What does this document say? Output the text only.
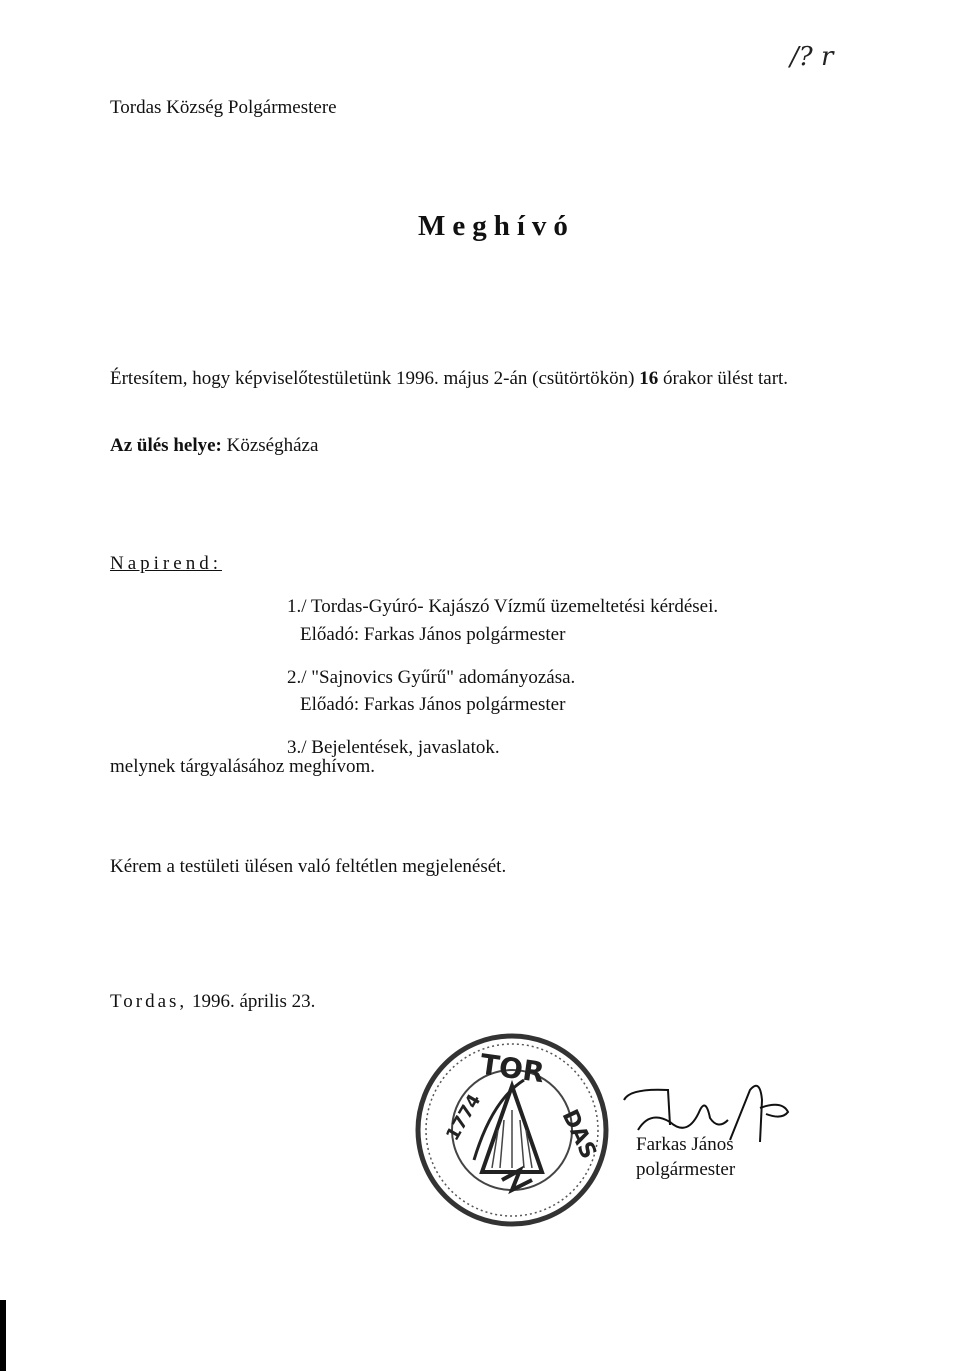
/? r
Tordas Község Polgármestere
Meghívó
Értesítem, hogy képviselőtestületünk 1996. május 2-án (csütörtökön) 16 órakor ülést tart.
Az ülés helye: Községháza
Napirend:
1./ Tordas-Gyúró- Kajászó Vízmű üzemeltetési kérdései.
Előadó: Farkas János polgármester
2./ "Sajnovics Gyűrű" adományozása.
Előadó: Farkas János polgármester
3./ Bejelentések, javaslatok.
melynek tárgyalásához meghívom.
Kérem a testületi ülésen való feltétlen megjelenését.
Tordas, 1996. április 23.
TOR
1774	DAS Farkas János
polgármester
